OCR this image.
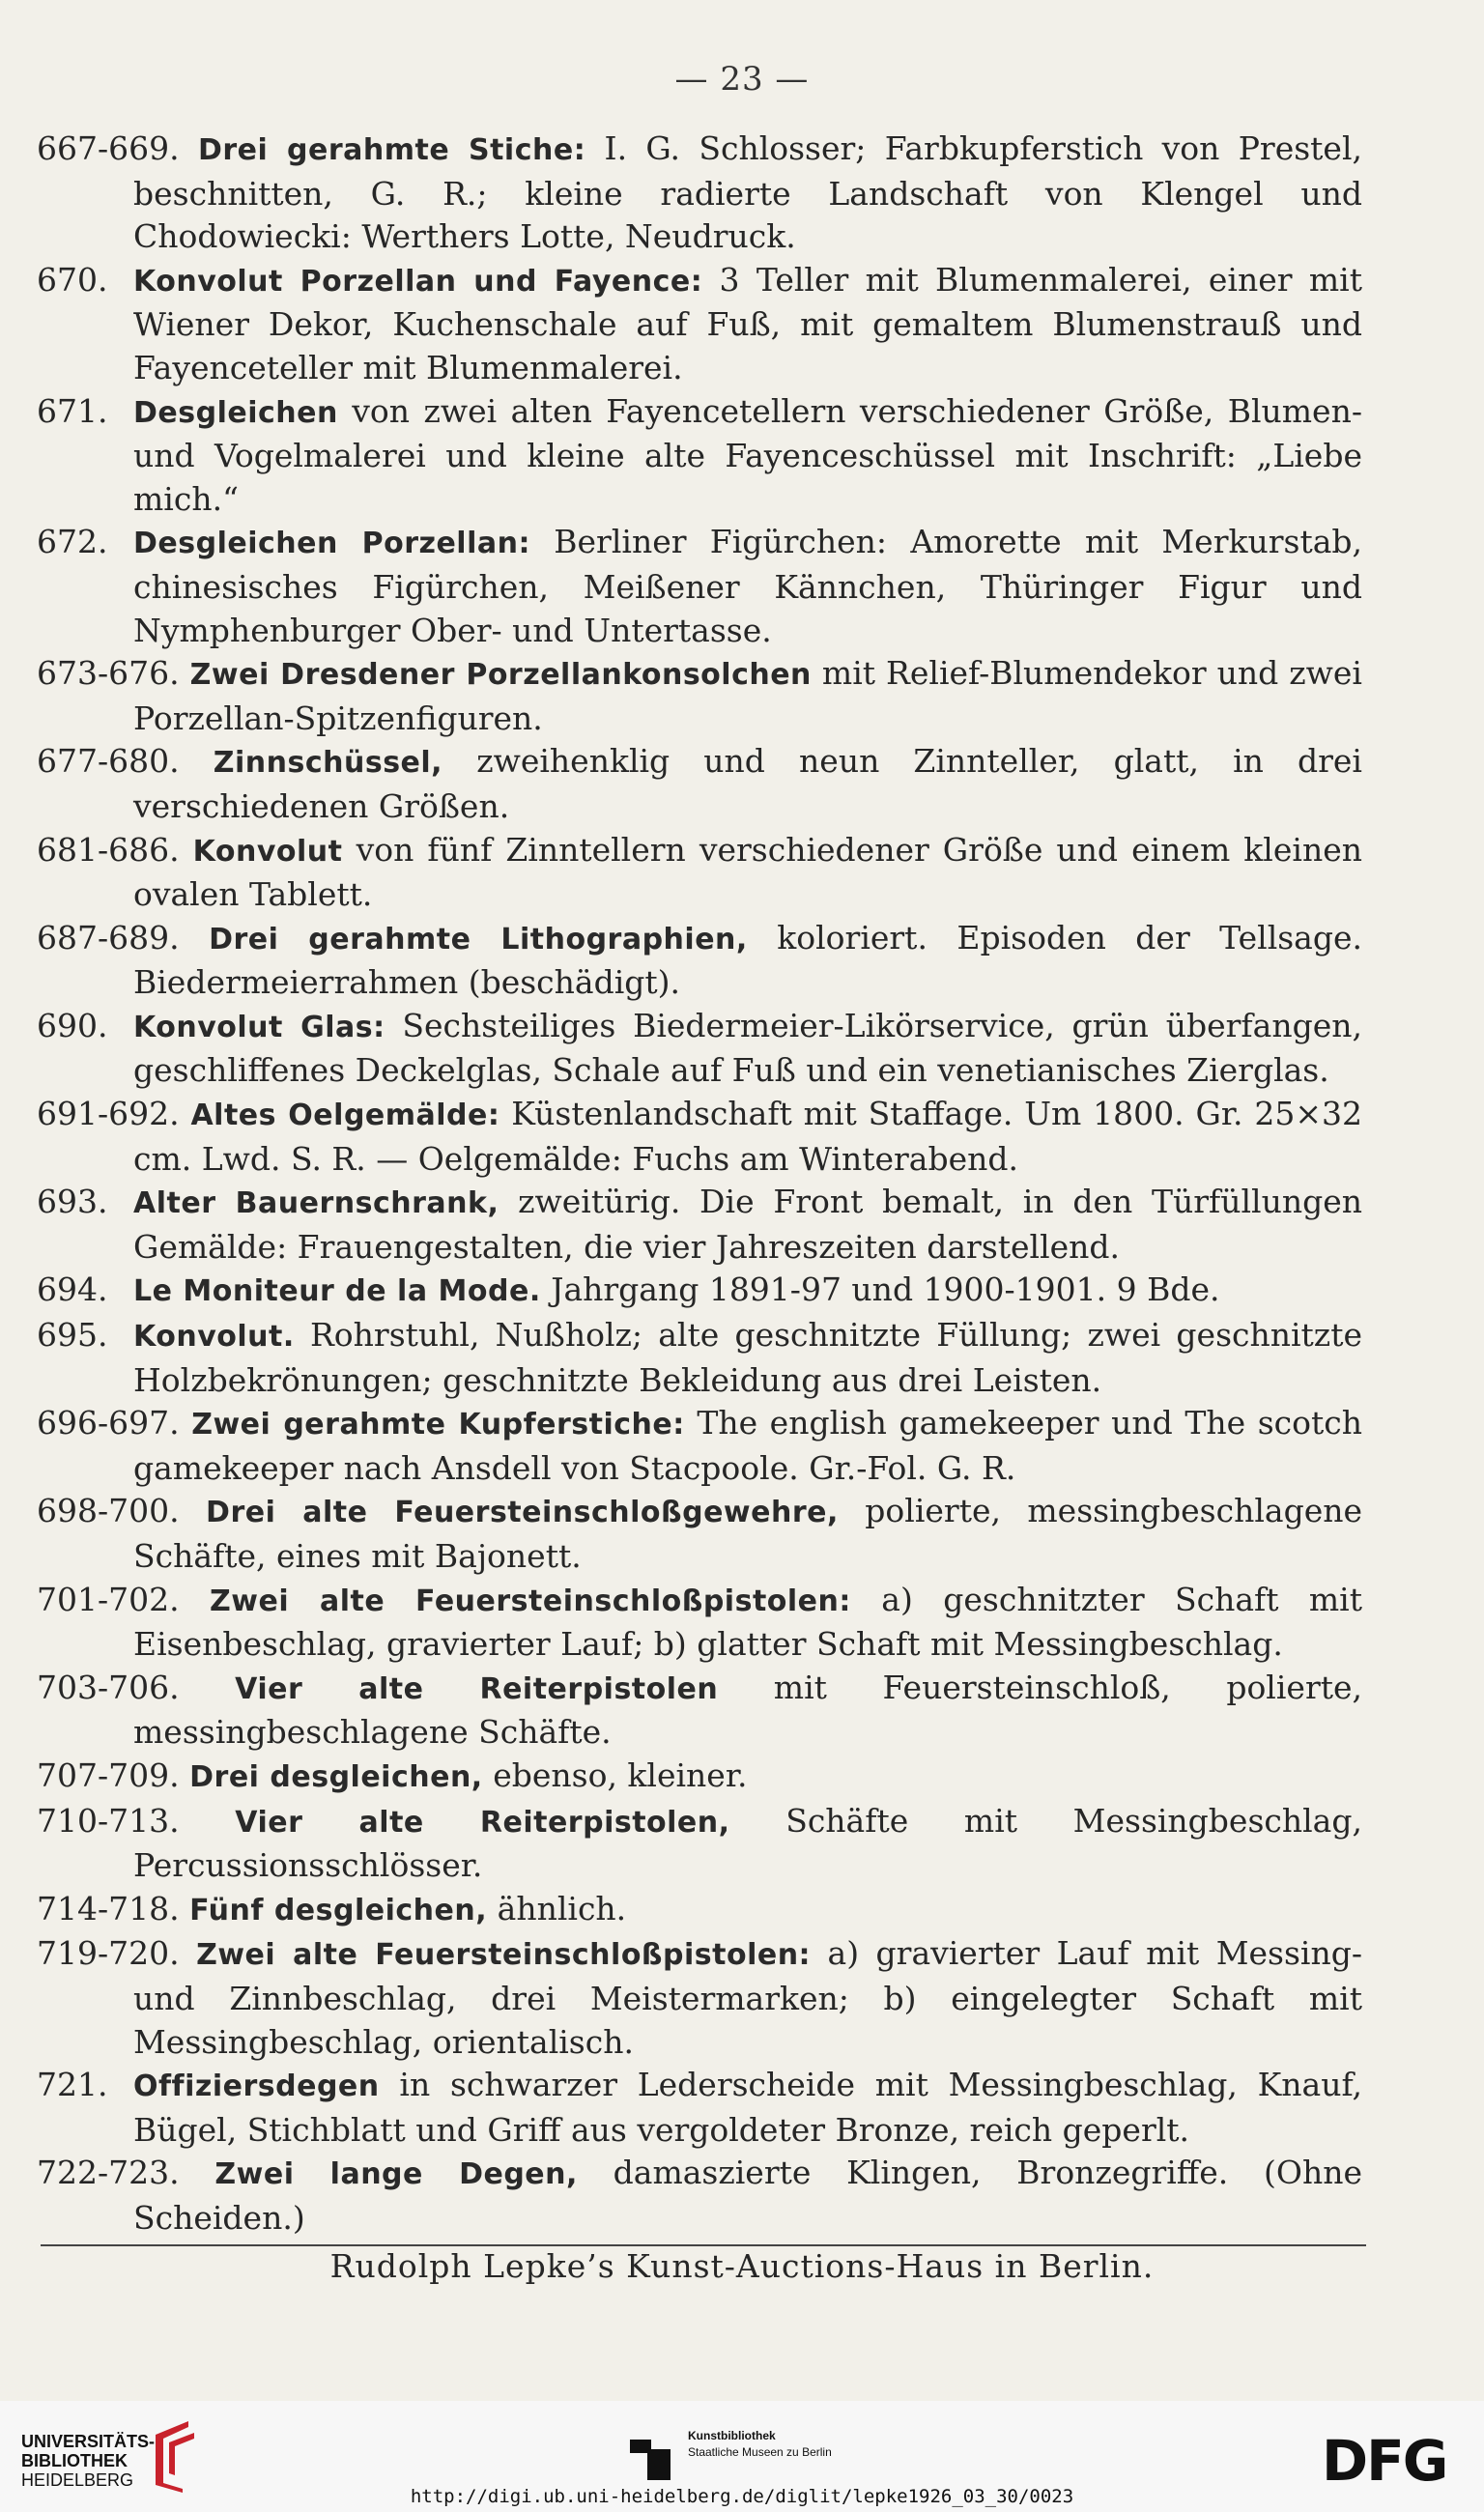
— 23 —
667-669. Drei gerahmte Stiche: I. G. Schlosser; Farbkupferstich von Prestel, beschnitten, G. R.; kleine radierte Landschaft von Klengel und Chodowiecki: Werthers Lotte, Neudruck.
670. Konvolut Porzellan und Fayence: 3 Teller mit Blumenmalerei, einer mit Wiener Dekor, Kuchenschale auf Fuß, mit gemaltem Blumenstrauß und Fayenceteller mit Blumenmalerei.
671. Desgleichen von zwei alten Fayencetellern verschiedener Größe, Blumen- und Vogelmalerei und kleine alte Fayenceschüssel mit Inschrift: „Liebe mich.“
672. Desgleichen Porzellan: Berliner Figürchen: Amorette mit Merkurstab, chinesisches Figürchen, Meißener Kännchen, Thüringer Figur und Nymphenburger Ober- und Untertasse.
673-676. Zwei Dresdener Porzellankonsolchen mit Relief-Blumendekor und zwei Porzellan-Spitzenfiguren.
677-680. Zinnschüssel, zweihenklig und neun Zinnteller, glatt, in drei verschiedenen Größen.
681-686. Konvolut von fünf Zinntellern verschiedener Größe und einem kleinen ovalen Tablett.
687-689. Drei gerahmte Lithographien, koloriert. Episoden der Tellsage. Biedermeierrahmen (beschädigt).
690. Konvolut Glas: Sechsteiliges Biedermeier-Likörservice, grün überfangen, geschliffenes Deckelglas, Schale auf Fuß und ein venetianisches Zierglas.
691-692. Altes Oelgemälde: Küstenlandschaft mit Staffage. Um 1800. Gr. 25×32 cm. Lwd. S. R. — Oelgemälde: Fuchs am Winterabend.
693. Alter Bauernschrank, zweitürig. Die Front bemalt, in den Türfüllungen Gemälde: Frauengestalten, die vier Jahreszeiten darstellend.
694. Le Moniteur de la Mode. Jahrgang 1891-97 und 1900-1901. 9 Bde.
695. Konvolut. Rohrstuhl, Nußholz; alte geschnitzte Füllung; zwei geschnitzte Holzbekrönungen; geschnitzte Bekleidung aus drei Leisten.
696-697. Zwei gerahmte Kupferstiche: The english gamekeeper und The scotch gamekeeper nach Ansdell von Stacpoole. Gr.-Fol. G. R.
698-700. Drei alte Feuersteinschloßgewehre, polierte, messingbeschlagene Schäfte, eines mit Bajonett.
701-702. Zwei alte Feuersteinschloßpistolen: a) geschnitzter Schaft mit Eisenbeschlag, gravierter Lauf; b) glatter Schaft mit Messingbeschlag.
703-706. Vier alte Reiterpistolen mit Feuersteinschloß, polierte, messingbeschlagene Schäfte.
707-709. Drei desgleichen, ebenso, kleiner.
710-713. Vier alte Reiterpistolen, Schäfte mit Messingbeschlag, Percussionsschlösser.
714-718. Fünf desgleichen, ähnlich.
719-720. Zwei alte Feuersteinschloßpistolen: a) gravierter Lauf mit Messing- und Zinnbeschlag, drei Meistermarken; b) eingelegter Schaft mit Messingbeschlag, orientalisch.
721. Offiziersdegen in schwarzer Lederscheide mit Messingbeschlag, Knauf, Bügel, Stichblatt und Griff aus vergoldeter Bronze, reich geperlt.
722-723. Zwei lange Degen, damaszierte Klingen, Bronzegriffe. (Ohne Scheiden.)
Rudolph Lepke’s Kunst-Auctions-Haus in Berlin.
UNIVERSITÄTS-
BIBLIOTHEK
HEIDELBERG
Kunstbibliothek
Staatliche Museen zu Berlin	DFG
http://digi.ub.uni-heidelberg.de/diglit/lepke1926_03_30/0023
